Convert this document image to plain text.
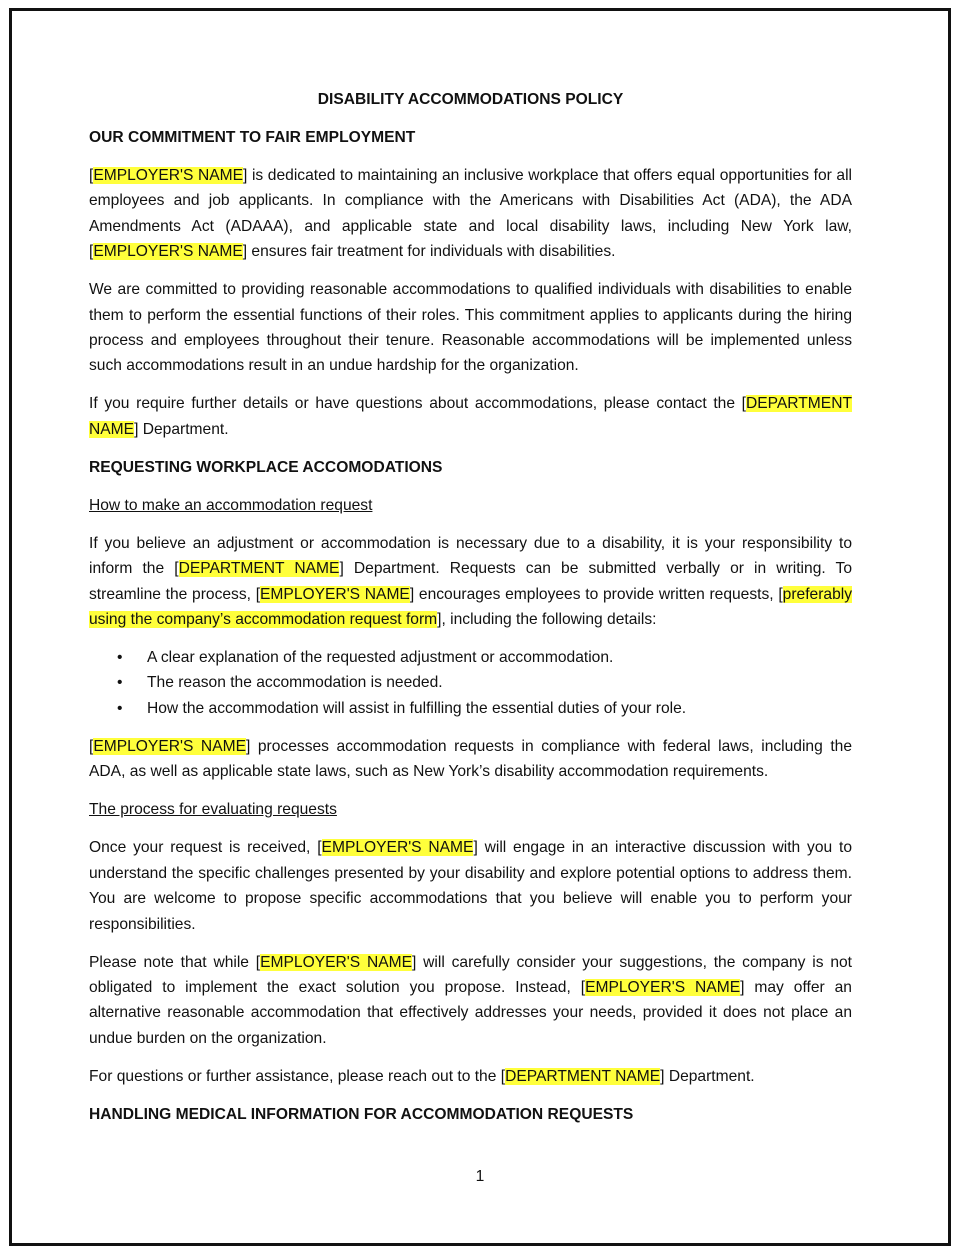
DISABILITY ACCOMMODATIONS POLICY
OUR COMMITMENT TO FAIR EMPLOYMENT

[EMPLOYER'S NAME] is dedicated to maintaining an inclusive workplace that offers equal opportunities for all employees and job applicants. In compliance with the Americans with Disabilities Act (ADA), the ADA Amendments Act (ADAAA), and applicable state and local disability laws, including New York law, [EMPLOYER'S NAME] ensures fair treatment for individuals with disabilities.

We are committed to providing reasonable accommodations to qualified individuals with disabilities to enable them to perform the essential functions of their roles. This commitment applies to applicants during the hiring process and employees throughout their tenure. Reasonable accommodations will be implemented unless such accommodations result in an undue hardship for the organization.

If you require further details or have questions about accommodations, please contact the [DEPARTMENT NAME] Department.

REQUESTING WORKPLACE ACCOMODATIONS
How to make an accommodation request

If you believe an adjustment or accommodation is necessary due to a disability, it is your responsibility to inform the [DEPARTMENT NAME] Department. Requests can be submitted verbally or in writing. To streamline the process, [EMPLOYER'S NAME] encourages employees to provide written requests, [preferably using the company’s accommodation request form], including the following details:

• A clear explanation of the requested adjustment or accommodation.
• The reason the accommodation is needed.
• How the accommodation will assist in fulfilling the essential duties of your role.

[EMPLOYER'S NAME] processes accommodation requests in compliance with federal laws, including the ADA, as well as applicable state laws, such as New York’s disability accommodation requirements.

The process for evaluating requests

Once your request is received, [EMPLOYER'S NAME] will engage in an interactive discussion with you to understand the specific challenges presented by your disability and explore potential options to address them. You are welcome to propose specific accommodations that you believe will enable you to perform your responsibilities.

Please note that while [EMPLOYER'S NAME] will carefully consider your suggestions, the company is not obligated to implement the exact solution you propose. Instead, [EMPLOYER'S NAME] may offer an alternative reasonable accommodation that effectively addresses your needs, provided it does not place an undue burden on the organization.

For questions or further assistance, please reach out to the [DEPARTMENT NAME] Department.

HANDLING MEDICAL INFORMATION FOR ACCOMMODATION REQUESTS
1
